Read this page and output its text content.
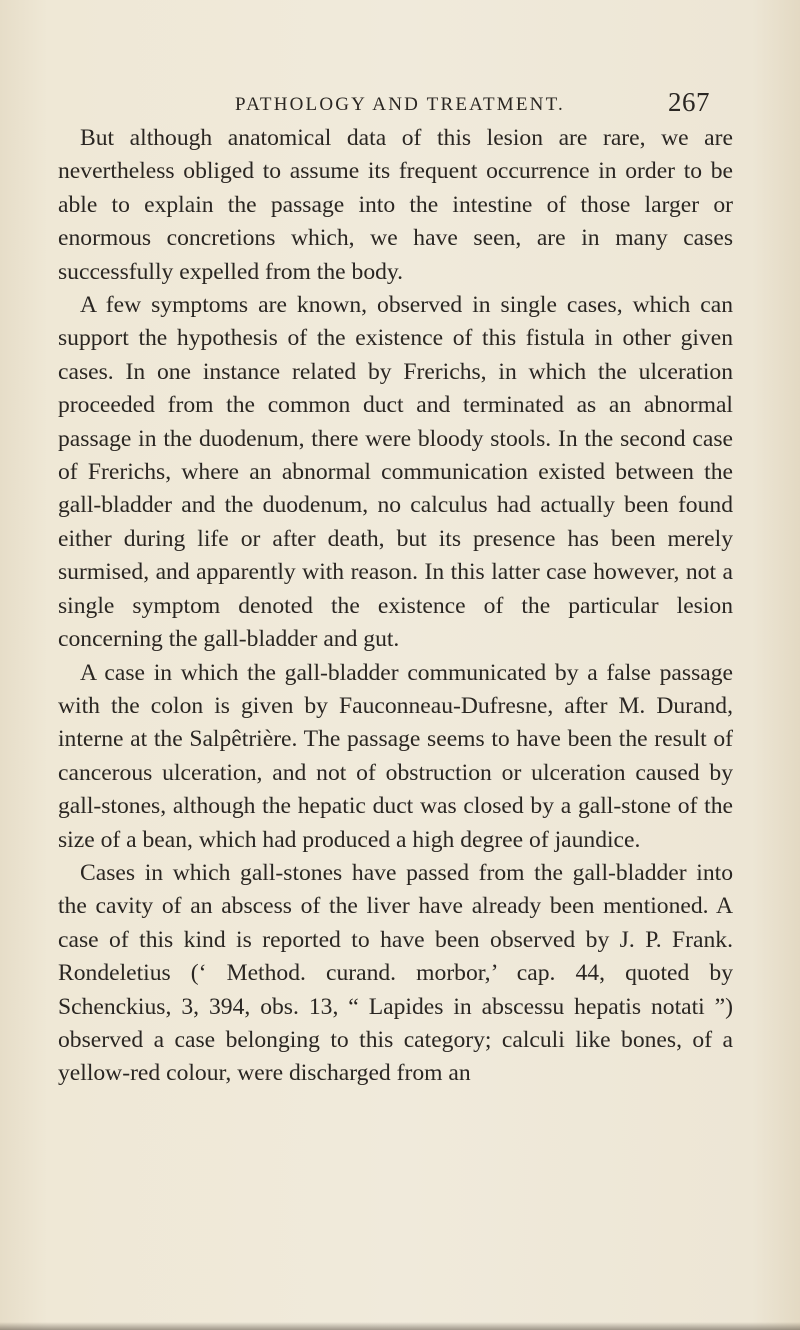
PATHOLOGY AND TREATMENT.	267

But although anatomical data of this lesion are rare, we are nevertheless obliged to assume its frequent occurrence in order to be able to explain the passage into the intestine of those larger or enormous concretions which, we have seen, are in many cases successfully expelled from the body.

A few symptoms are known, observed in single cases, which can support the hypothesis of the existence of this fistula in other given cases. In one instance related by Frerichs, in which the ulceration proceeded from the common duct and terminated as an abnormal passage in the duodenum, there were bloody stools. In the second case of Frerichs, where an abnormal communication existed between the gall-bladder and the duodenum, no calculus had actually been found either during life or after death, but its presence has been merely surmised, and apparently with reason. In this latter case however, not a single symptom denoted the existence of the particular lesion concerning the gall-bladder and gut.

A case in which the gall-bladder communicated by a false passage with the colon is given by Fauconneau-Dufresne, after M. Durand, interne at the Salpêtrière. The passage seems to have been the result of cancerous ulceration, and not of obstruction or ulceration caused by gall-stones, although the hepatic duct was closed by a gall-stone of the size of a bean, which had produced a high degree of jaundice.

Cases in which gall-stones have passed from the gall-bladder into the cavity of an abscess of the liver have already been mentioned. A case of this kind is reported to have been observed by J. P. Frank. Rondeletius (‘ Method. curand. morbor,’ cap. 44, quoted by Schenckius, 3, 394, obs. 13, “ Lapides in abscessu hepatis notati ”) observed a case belonging to this category; calculi like bones, of a yellow-red colour, were discharged from an
